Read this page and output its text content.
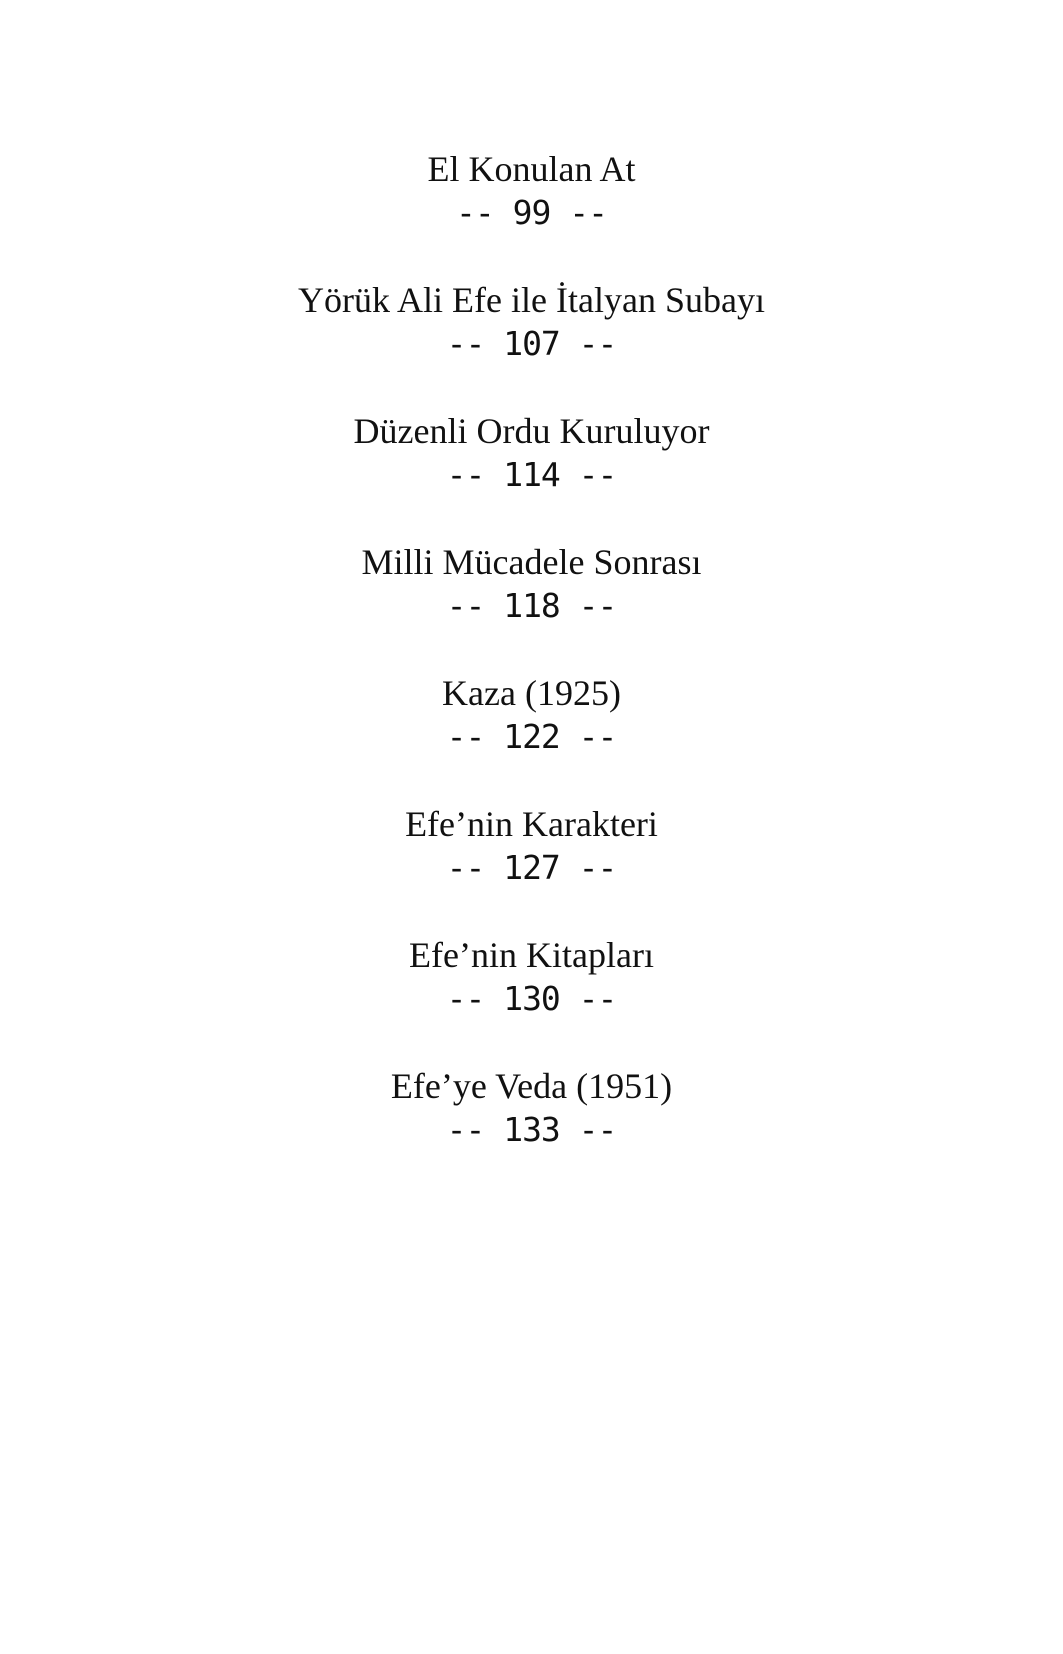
El Konulan At
-- 99 --
Yörük Ali Efe ile İtalyan Subayı
-- 107 --
Düzenli Ordu Kuruluyor
-- 114 --
Milli Mücadele Sonrası
-- 118 --
Kaza (1925)
-- 122 --
Efe’nin Karakteri
-- 127 --
Efe’nin Kitapları
-- 130 --
Efe’ye Veda (1951)
-- 133 --
